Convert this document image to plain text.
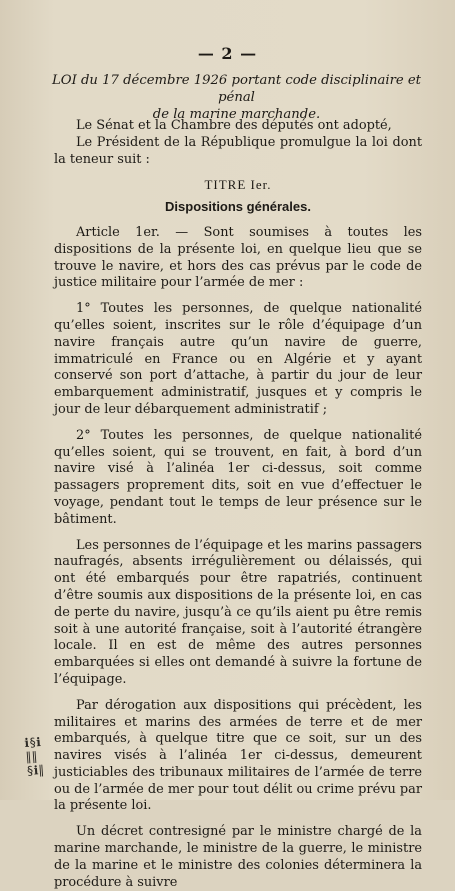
— 2 —
LOI du 17 décembre 1926 portant code disciplinaire et pénal
de la marine marchande.

Le Sénat et la Chambre des députés ont adopté,

Le Président de la République promulgue la loi dont la teneur suit :

TITRE Ier.

Dispositions générales.

Article 1er. — Sont soumises à toutes les dispositions de la présente loi, en quelque lieu que se trouve le navire, et hors des cas prévus par le code de justice militaire pour l’armée de mer :

1° Toutes les personnes, de quelque nationalité qu’elles soient, inscrites sur le rôle d’équipage d’un navire français autre qu’un navire de guerre, immatriculé en France ou en Algérie et y ayant conservé son port d’attache, à partir du jour de leur embarquement administratif, jusques et y compris le jour de leur débarquement administratif ;

2° Toutes les personnes, de quelque nationalité qu’elles soient, qui se trouvent, en fait, à bord d’un navire visé à l’alinéa 1er ci-dessus, soit comme passagers proprement dits, soit en vue d’effectuer le voyage, pendant tout le temps de leur présence sur le bâtiment.

Les personnes de l’équipage et les marins passagers naufragés, absents irrégulièrement ou délaissés, qui ont été embarqués pour être rapatriés, continuent d’être soumis aux dispositions de la présente loi, en cas de perte du navire, jusqu’à ce qu’ils aient pu être remis soit à une autorité française, soit à l’autorité étrangère locale. Il en est de même des autres personnes embarquées si elles ont demandé à suivre la fortune de l’équipage.

Par dérogation aux dispositions qui précèdent, les militaires et marins des armées de terre et de mer embarqués, à quelque titre que ce soit, sur un des navires visés à l’alinéa 1er ci-dessus, demeurent justiciables des tribunaux militaires de l’armée de terre ou de l’armée de mer pour tout délit ou crime prévu par la présente loi.

Un décret contresigné par le ministre chargé de la marine marchande, le ministre de la guerre, le ministre de la marine et le ministre des colonies déterminera la procédure à suivre

ℹ§ℹ ∥∥ §ℹ∥
